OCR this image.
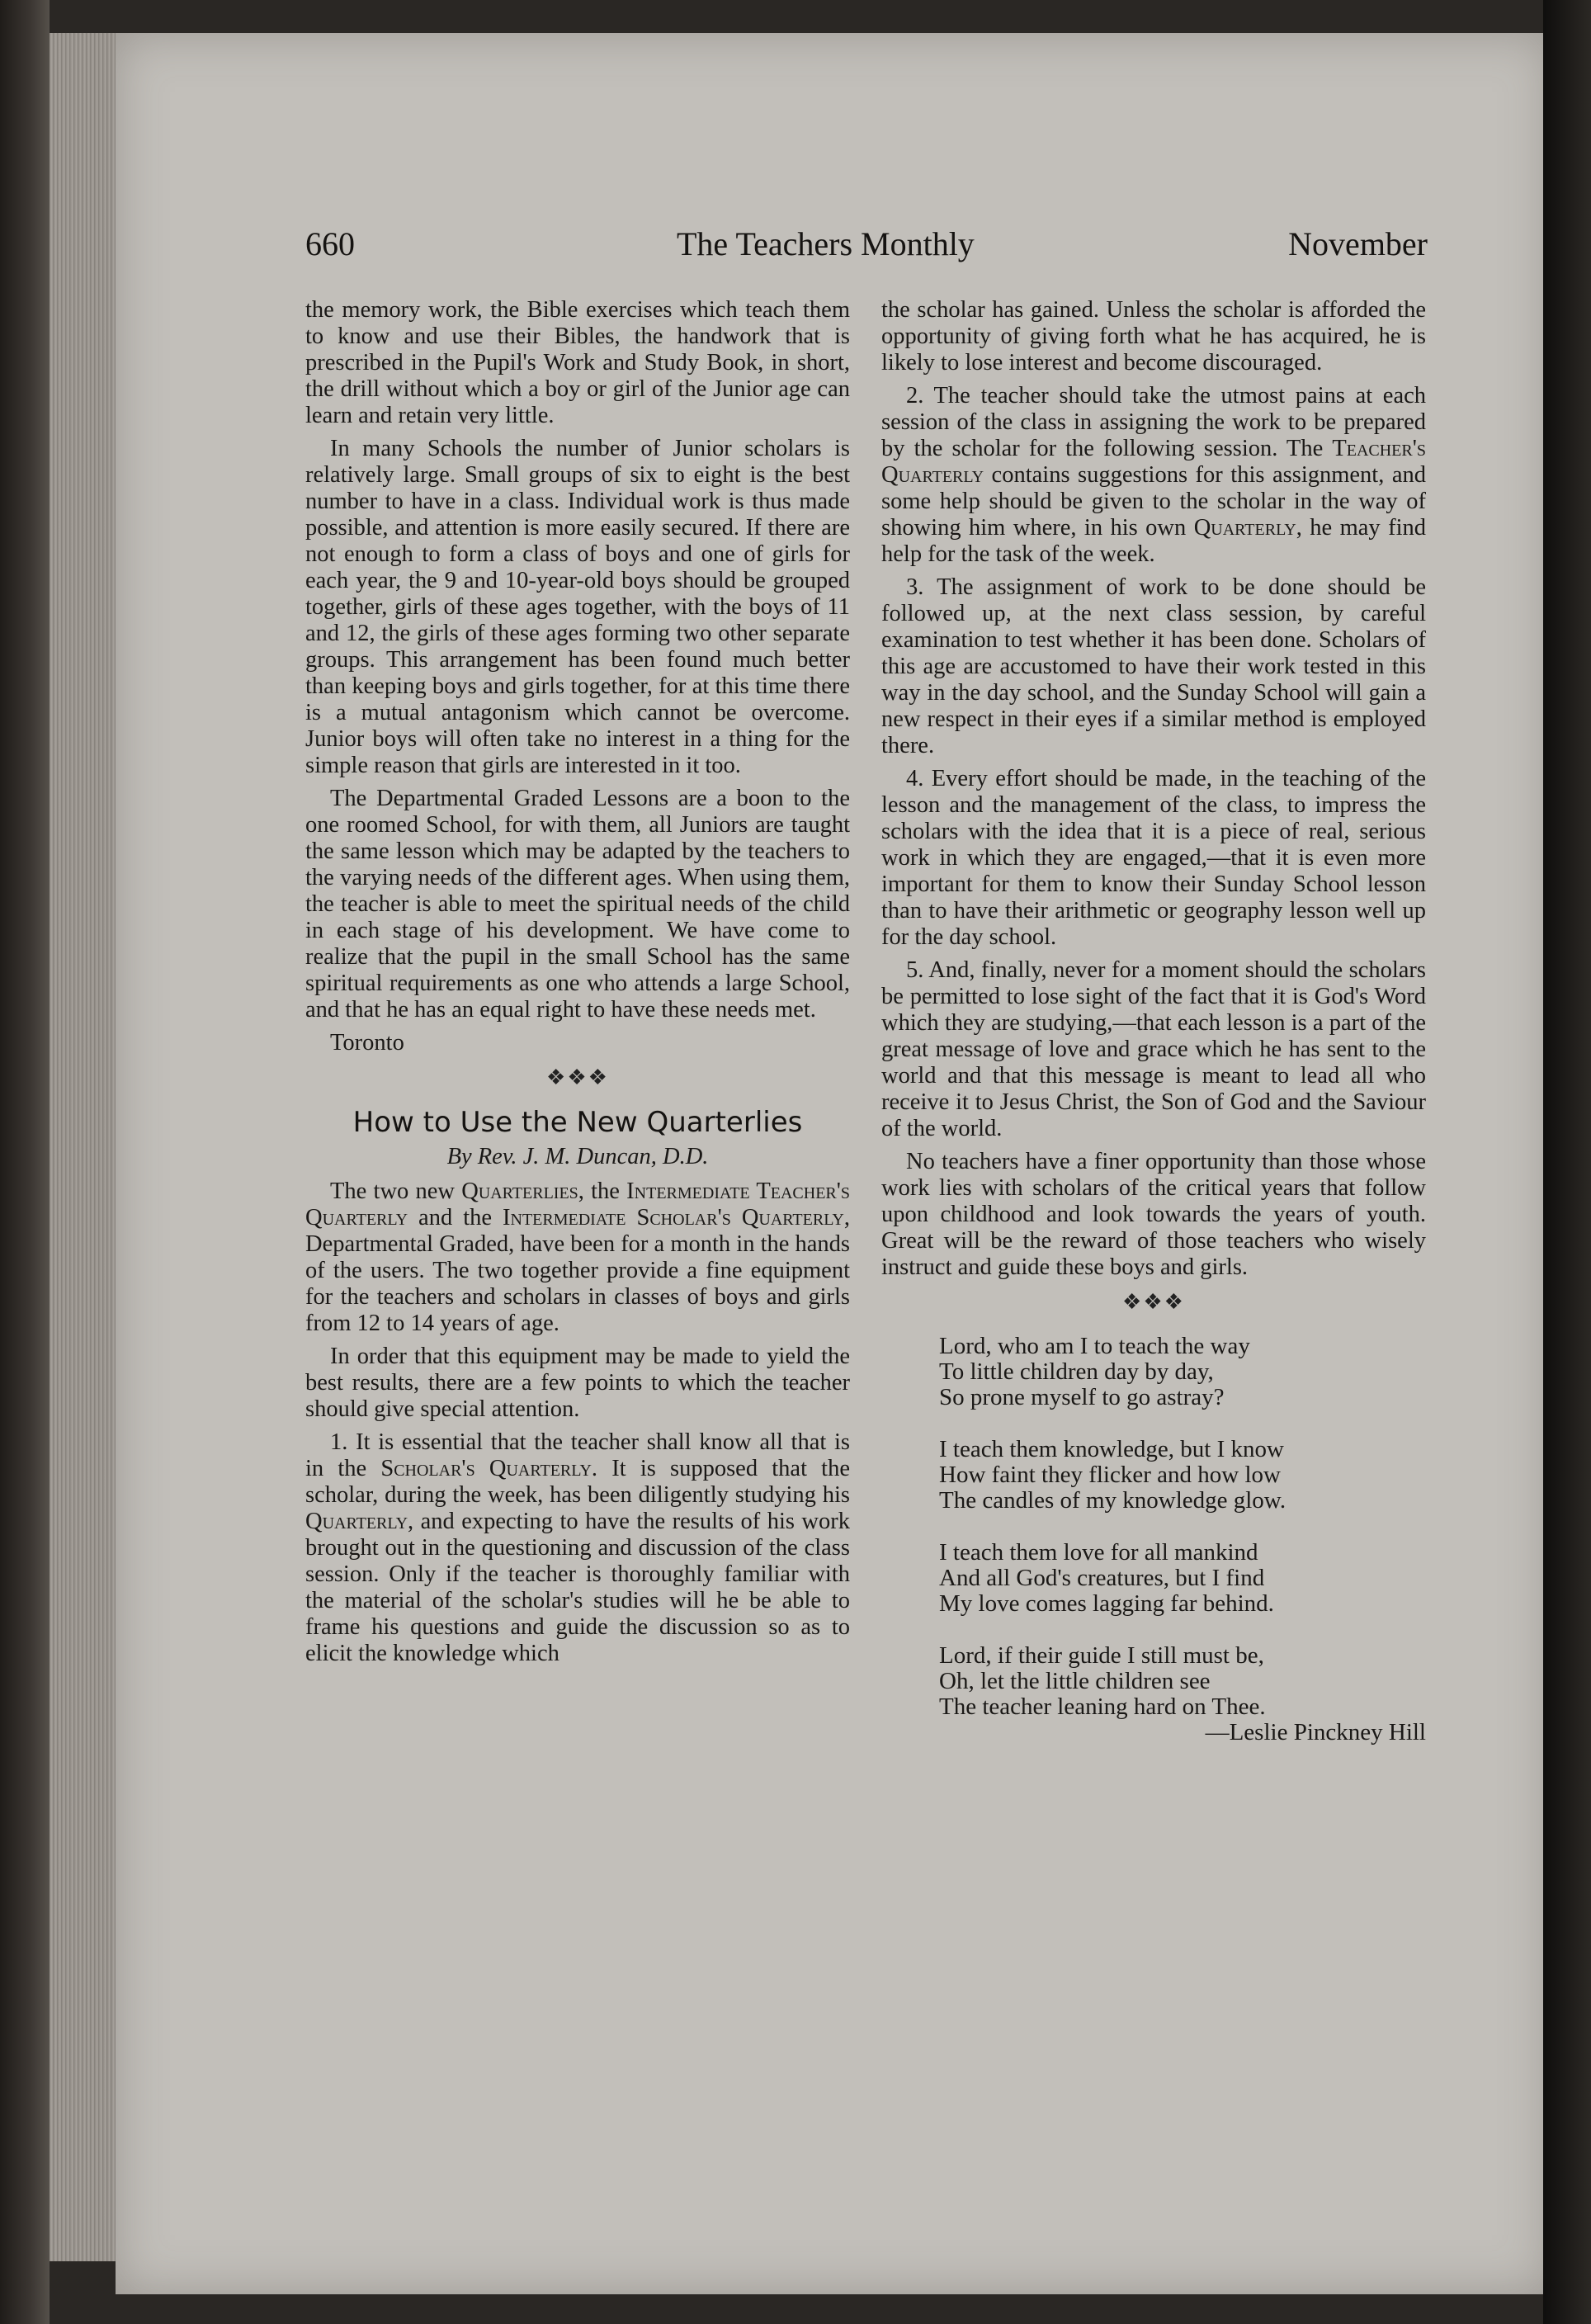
660	The Teachers Monthly	November

the memory work, the Bible exercises which teach them to know and use their Bibles, the handwork that is prescribed in the Pupil's Work and Study Book, in short, the drill without which a boy or girl of the Junior age can learn and retain very little.

In many Schools the number of Junior scholars is relatively large. Small groups of six to eight is the best number to have in a class. Individual work is thus made possible, and attention is more easily secured. If there are not enough to form a class of boys and one of girls for each year, the 9 and 10-year-old boys should be grouped together, girls of these ages together, with the boys of 11 and 12, the girls of these ages forming two other separate groups. This arrangement has been found much better than keeping boys and girls together, for at this time there is a mutual antagonism which cannot be overcome. Junior boys will often take no interest in a thing for the simple reason that girls are interested in it too.

The Departmental Graded Lessons are a boon to the one roomed School, for with them, all Juniors are taught the same lesson which may be adapted by the teachers to the varying needs of the different ages. When using them, the teacher is able to meet the spiritual needs of the child in each stage of his development. We have come to realize that the pupil in the small School has the same spiritual requirements as one who attends a large School, and that he has an equal right to have these needs met.

Toronto
❖❖❖
How to Use the New Quarterlies
By Rev. J. M. Duncan, D.D.

The two new Quarterlies, the Intermediate Teacher's Quarterly and the Intermediate Scholar's Quarterly, Departmental Graded, have been for a month in the hands of the users. The two together provide a fine equipment for the teachers and scholars in classes of boys and girls from 12 to 14 years of age.

In order that this equipment may be made to yield the best results, there are a few points to which the teacher should give special attention.

1. It is essential that the teacher shall know all that is in the Scholar's Quarterly. It is supposed that the scholar, during the week, has been diligently studying his Quarterly, and expecting to have the results of his work brought out in the questioning and discussion of the class session. Only if the teacher is thoroughly familiar with the material of the scholar's studies will he be able to frame his questions and guide the discussion so as to elicit the knowledge which

the scholar has gained. Unless the scholar is afforded the opportunity of giving forth what he has acquired, he is likely to lose interest and become discouraged.

2. The teacher should take the utmost pains at each session of the class in assigning the work to be prepared by the scholar for the following session. The Teacher's Quarterly contains suggestions for this assignment, and some help should be given to the scholar in the way of showing him where, in his own Quarterly, he may find help for the task of the week.

3. The assignment of work to be done should be followed up, at the next class session, by careful examination to test whether it has been done. Scholars of this age are accustomed to have their work tested in this way in the day school, and the Sunday School will gain a new respect in their eyes if a similar method is employed there.

4. Every effort should be made, in the teaching of the lesson and the management of the class, to impress the scholars with the idea that it is a piece of real, serious work in which they are engaged,—that it is even more important for them to know their Sunday School lesson than to have their arithmetic or geography lesson well up for the day school.

5. And, finally, never for a moment should the scholars be permitted to lose sight of the fact that it is God's Word which they are studying,—that each lesson is a part of the great message of love and grace which he has sent to the world and that this message is meant to lead all who receive it to Jesus Christ, the Son of God and the Saviour of the world.

No teachers have a finer opportunity than those whose work lies with scholars of the critical years that follow upon childhood and look towards the years of youth. Great will be the reward of those teachers who wisely instruct and guide these boys and girls.

❖❖❖
Lord, who am I to teach the way
To little children day by day,
So prone myself to go astray?
I teach them knowledge, but I know
How faint they flicker and how low
The candles of my knowledge glow.
I teach them love for all mankind
And all God's creatures, but I find
My love comes lagging far behind.
Lord, if their guide I still must be,
Oh, let the little children see
The teacher leaning hard on Thee.
—Leslie Pinckney Hill
